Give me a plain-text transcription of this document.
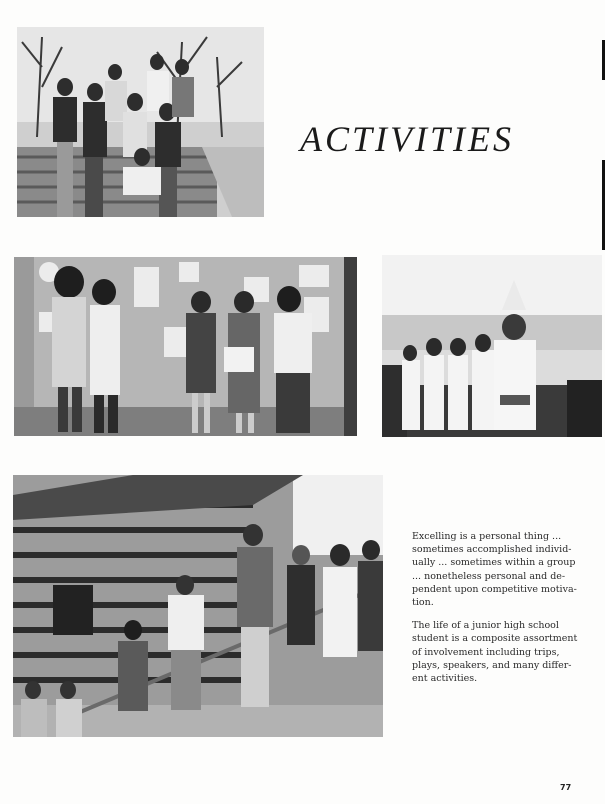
ACTIVITIES

Excelling is a personal thing ... sometimes accomplished individ- ually ... sometimes within a group ... nonetheless personal and de- pendent upon competitive motiva- tion.

The life of a junior high school student is a composite assortment of involvement including trips, plays, speakers, and many differ- ent activities.

77
